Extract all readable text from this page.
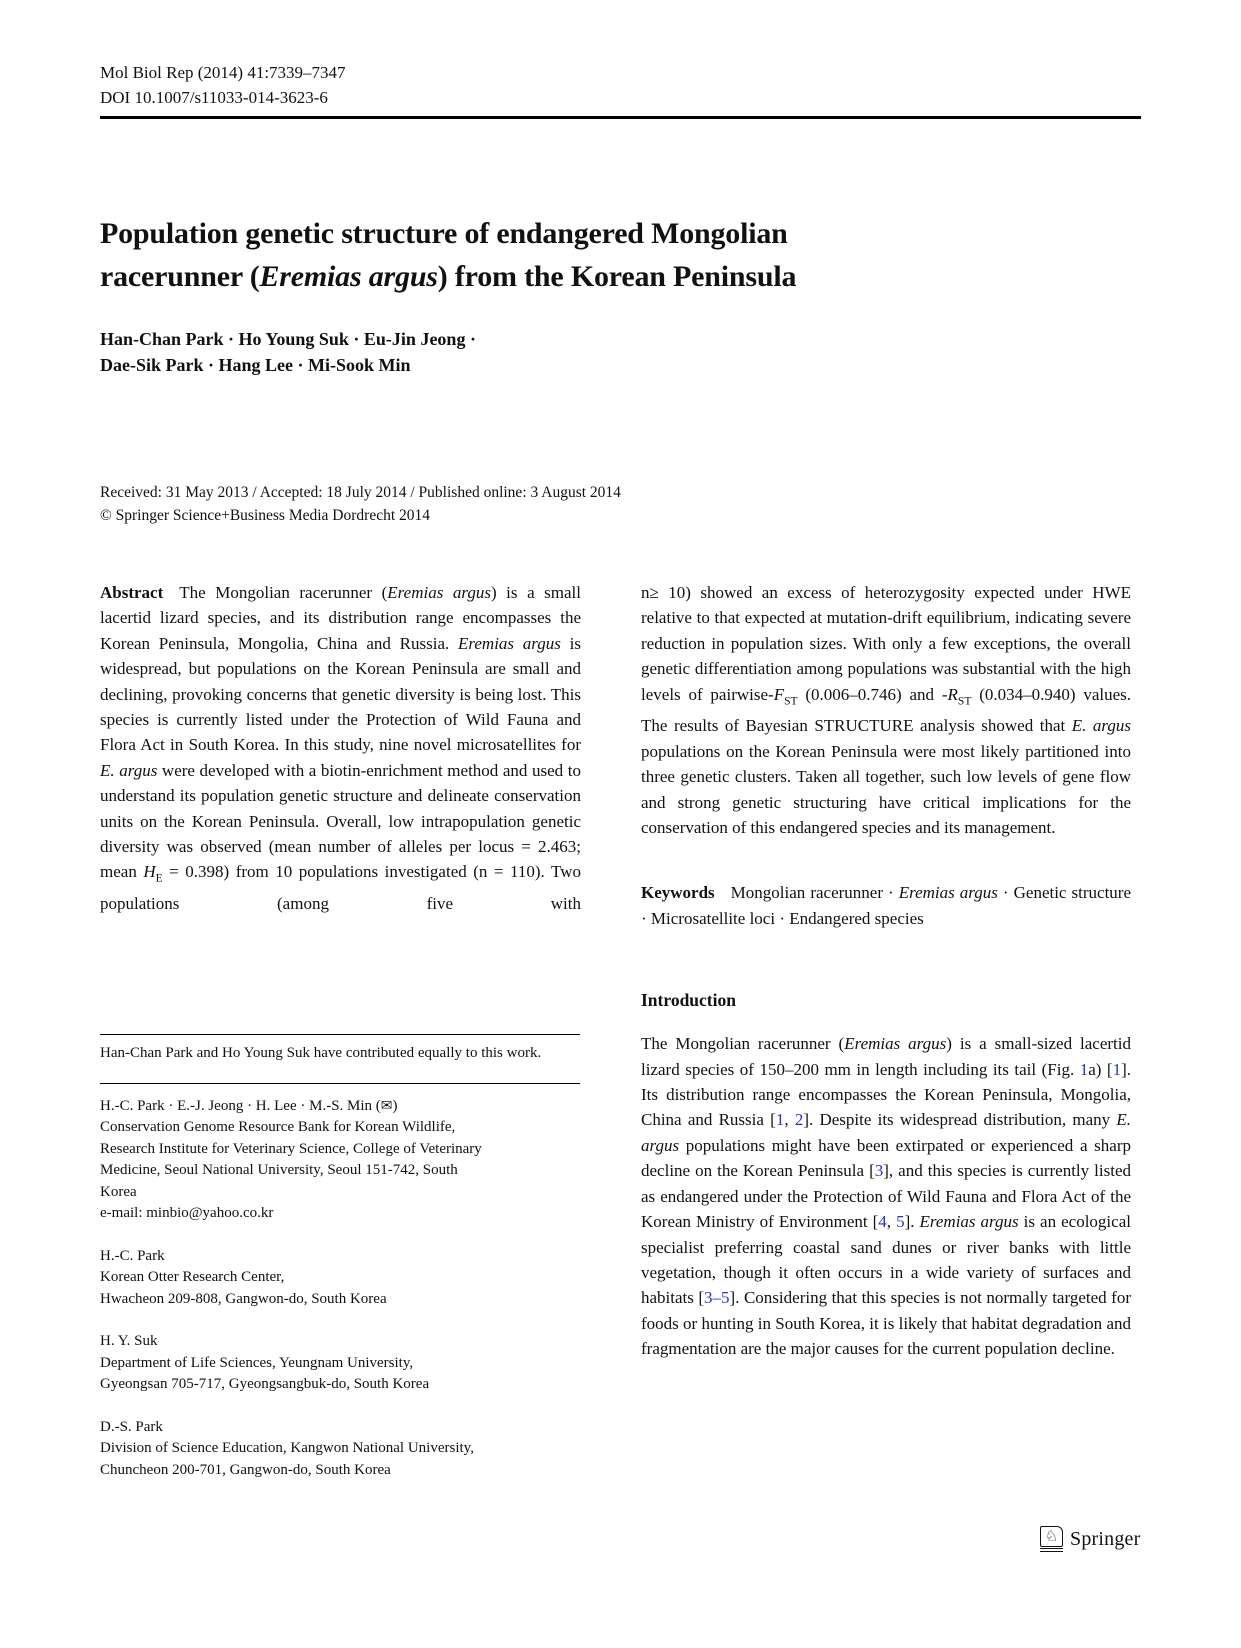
Mol Biol Rep (2014) 41:7339–7347
DOI 10.1007/s11033-014-3623-6
Population genetic structure of endangered Mongolian
racerunner (Eremias argus) from the Korean Peninsula
Han-Chan Park · Ho Young Suk · Eu-Jin Jeong ·
Dae-Sik Park · Hang Lee · Mi-Sook Min
Received: 31 May 2013 / Accepted: 18 July 2014 / Published online: 3 August 2014
© Springer Science+Business Media Dordrecht 2014

Abstract The Mongolian racerunner (Eremias argus) is a small lacertid lizard species, and its distribution range encompasses the Korean Peninsula, Mongolia, China and Russia. Eremias argus is widespread, but populations on the Korean Peninsula are small and declining, provoking concerns that genetic diversity is being lost. This species is currently listed under the Protection of Wild Fauna and Flora Act in South Korea. In this study, nine novel microsatellites for E. argus were developed with a biotin-enrichment method and used to understand its population genetic structure and delineate conservation units on the Korean Peninsula. Overall, low intrapopulation genetic diversity was observed (mean number of alleles per locus = 2.463; mean $H_E = 0.398$) from 10 populations investigated (n = 110). Two populations (among five with

n≥ 10) showed an excess of heterozygosity expected under HWE relative to that expected at mutation-drift equilibrium, indicating severe reduction in population sizes. With only a few exceptions, the overall genetic differentiation among populations was substantial with the high levels of pairwise-$F_{ST}$ (0.006–0.746) and $-R_{ST}$ (0.034–0.940) values. The results of Bayesian STRUCTURE analysis showed that E. argus populations on the Korean Peninsula were most likely partitioned into three genetic clusters. Taken all together, such low levels of gene flow and strong genetic structuring have critical implications for the conservation of this endangered species and its management.

Keywords Mongolian racerunner · Eremias argus · Genetic structure · Microsatellite loci · Endangered species

Introduction

The Mongolian racerunner (Eremias argus) is a small-sized lacertid lizard species of 150–200 mm in length including its tail (Fig. 1a) [1]. Its distribution range encompasses the Korean Peninsula, Mongolia, China and Russia [1, 2]. Despite its widespread distribution, many E. argus populations might have been extirpated or experienced a sharp decline on the Korean Peninsula [3], and this species is currently listed as endangered under the Protection of Wild Fauna and Flora Act of the Korean Ministry of Environment [4, 5]. Eremias argus is an ecological specialist preferring coastal sand dunes or river banks with little vegetation, though it often occurs in a wide variety of surfaces and habitats [3–5]. Considering that this species is not normally targeted for foods or hunting in South Korea, it is likely that habitat degradation and fragmentation are the major causes for the current population decline.

Han-Chan Park and Ho Young Suk have contributed equally to this work.

H.-C. Park · E.-J. Jeong · H. Lee · M.-S. Min (✉)
Conservation Genome Resource Bank for Korean Wildlife,
Research Institute for Veterinary Science, College of Veterinary
Medicine, Seoul National University, Seoul 151-742, South
Korea
e-mail: minbio@yahoo.co.kr

H.-C. Park
Korean Otter Research Center,
Hwacheon 209-808, Gangwon-do, South Korea

H. Y. Suk
Department of Life Sciences, Yeungnam University,
Gyeongsan 705-717, Gyeongsangbuk-do, South Korea

D.-S. Park
Division of Science Education, Kangwon National University,
Chuncheon 200-701, Gangwon-do, South Korea

♘ Springer
